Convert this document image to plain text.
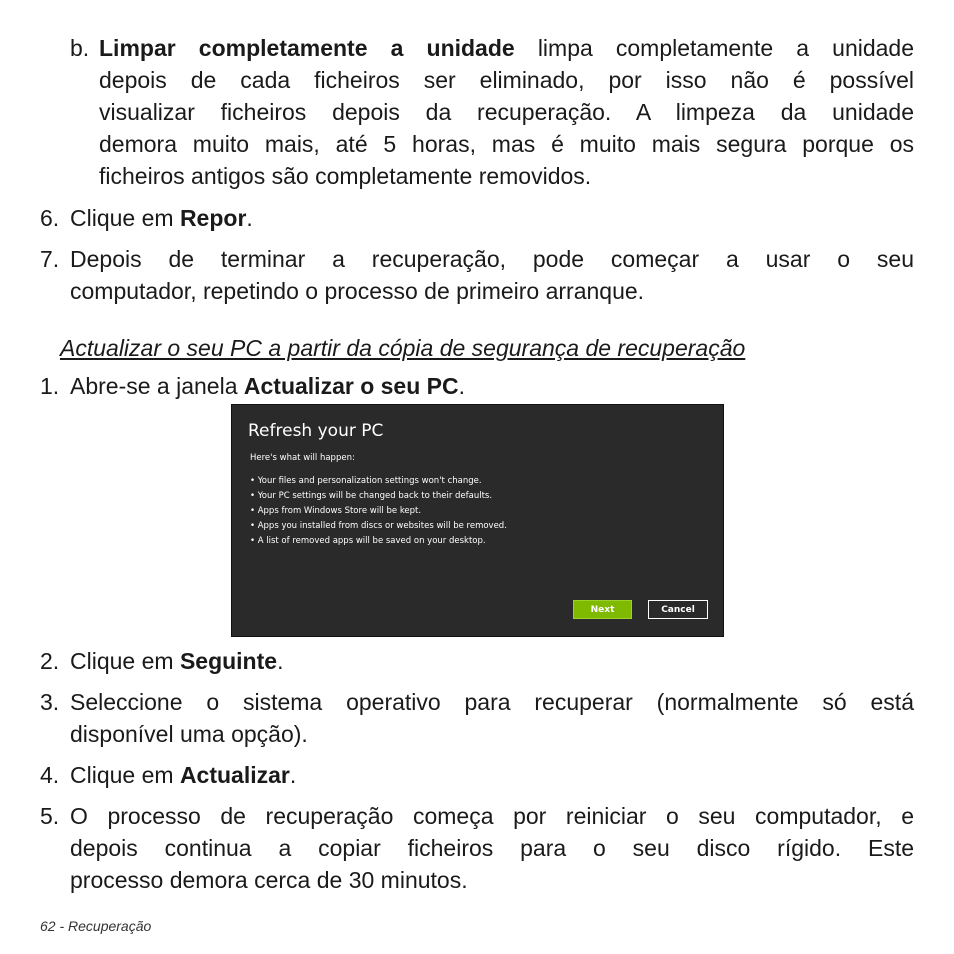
b. Limpar completamente a unidade limpa completamente a unidade
depois de cada ficheiros ser eliminado, por isso não é possível
visualizar ficheiros depois da recuperação. A limpeza da unidade
demora muito mais, até 5 horas, mas é muito mais segura porque os
ficheiros antigos são completamente removidos.
6. Clique em Repor.
7. Depois de terminar a recuperação, pode começar a usar o seu
computador, repetindo o processo de primeiro arranque.
Actualizar o seu PC a partir da cópia de segurança de recuperação
1. Abre-se a janela Actualizar o seu PC.
Refresh your PC
Here's what will happen:
• Your files and personalization settings won't change.
• Your PC settings will be changed back to their defaults.
• Apps from Windows Store will be kept.
• Apps you installed from discs or websites will be removed.
• A list of removed apps will be saved on your desktop.
Next	Cancel
2. Clique em Seguinte.
3. Seleccione o sistema operativo para recuperar (normalmente só está
disponível uma opção).
4. Clique em Actualizar.
5. O processo de recuperação começa por reiniciar o seu computador, e
depois continua a copiar ficheiros para o seu disco rígido. Este
processo demora cerca de 30 minutos.
62 - Recuperação
